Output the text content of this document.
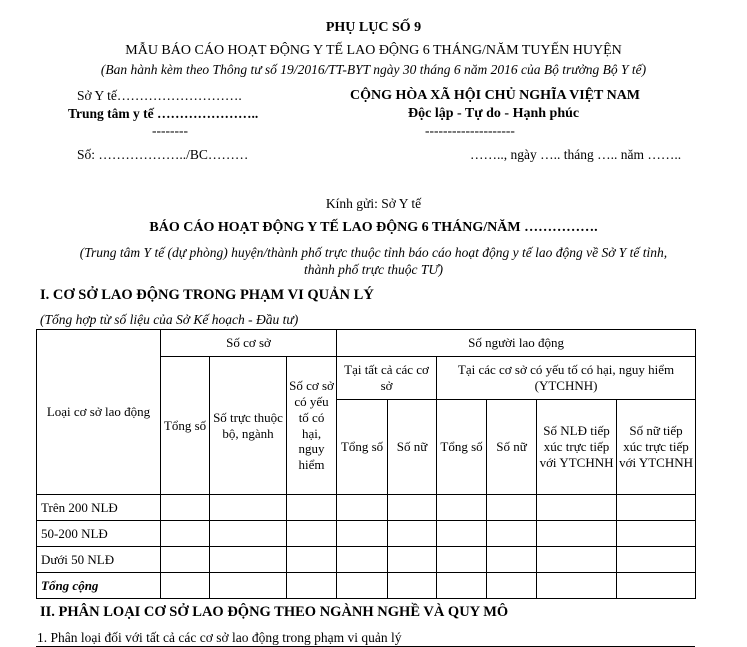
PHỤ LỤC SỐ 9
MẪU BÁO CÁO HOẠT ĐỘNG Y TẾ LAO ĐỘNG 6 THÁNG/NĂM TUYẾN HUYỆN
(Ban hành kèm theo Thông tư số 19/2016/TT-BYT ngày 30 tháng 6 năm 2016 của Bộ trưởng Bộ Y tế)
Sở Y tế……………………….
Trung tâm y tế …………………..
--------
Số: ………………../BC………
CỘNG HÒA XÃ HỘI CHỦ NGHĨA VIỆT NAM
Độc lập - Tự do - Hạnh phúc
--------------------
…….., ngày ….. tháng ….. năm ……..
Kính gửi: Sở Y tế
BÁO CÁO HOẠT ĐỘNG Y TẾ LAO ĐỘNG 6 THÁNG/NĂM …………….
(Trung tâm Y tế (dự phòng) huyện/thành phố trực thuộc tỉnh báo cáo hoạt động y tế lao động về Sở Y tế tỉnh,
thành phố trực thuộc TƯ)
I. CƠ SỞ LAO ĐỘNG TRONG PHẠM VI QUẢN LÝ
(Tổng hợp từ số liệu của Sở Kế hoạch - Đầu tư)
Loại cơ sở lao động	Số cơ sở			Số người lao động					
	Tổng số	Số trực thuộc bộ, ngành	Số cơ sở có yếu tố có hại, nguy hiểm	Tại tất cả các cơ sở		Tại các cơ sở có yếu tố có hại, nguy hiểm (YTCHNH)			
				Tổng số	Số nữ	Tổng số	Số nữ	Số NLĐ tiếp xúc trực tiếp với YTCHNH	Số nữ tiếp xúc trực tiếp với YTCHNH
Trên 200 NLĐ									
50-200 NLĐ									
Dưới 50 NLĐ									
Tổng cộng									
II. PHÂN LOẠI CƠ SỞ LAO ĐỘNG THEO NGÀNH NGHỀ VÀ QUY MÔ
1. Phân loại đối với tất cả các cơ sở lao động trong phạm vi quản lý
